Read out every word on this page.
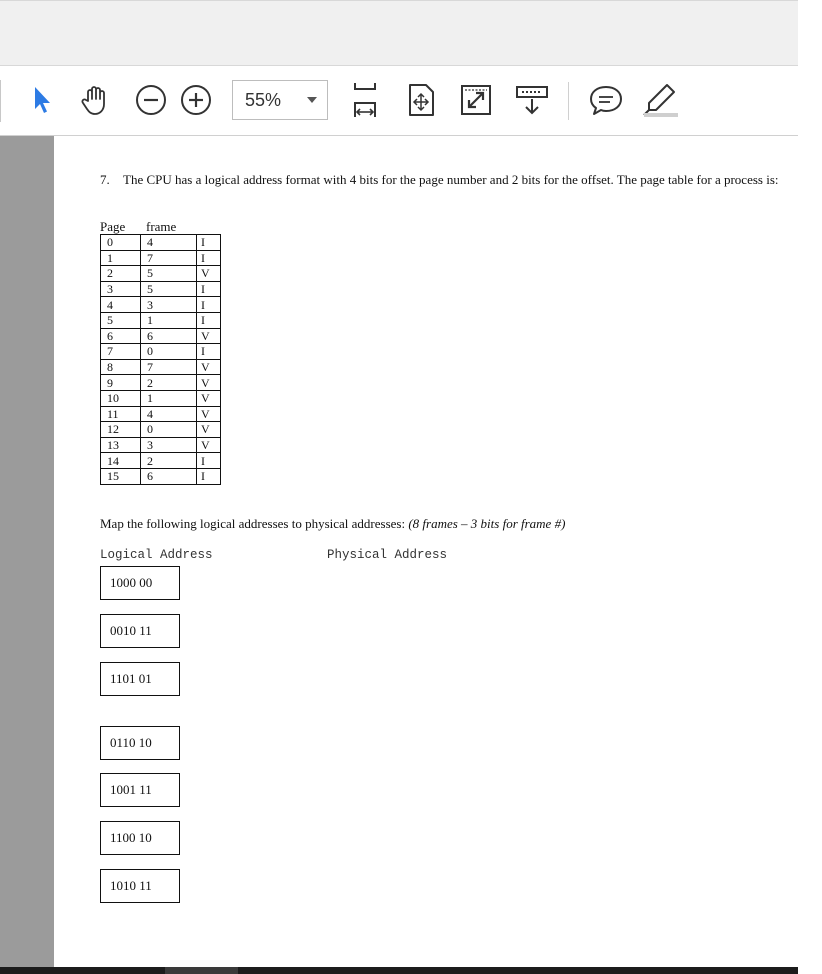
55%
7. The CPU has a logical address format with 4 bits for the page number and 2 bits for the offset. The page table for a process is:
Page frame
0	4	I
1	7	I
2	5	V
3	5	I
4	3	I
5	1	I
6	6	V
7	0	I
8	7	V
9	2	V
10	1	V
11	4	V
12	0	V
13	3	V
14	2	I
15	6	I
Map the following logical addresses to physical addresses: (8 frames – 3 bits for frame #)
Logical Address	Physical Address
1000 00
0010 11
1101 01
0110 10
1001 11
1100 10
1010 11
